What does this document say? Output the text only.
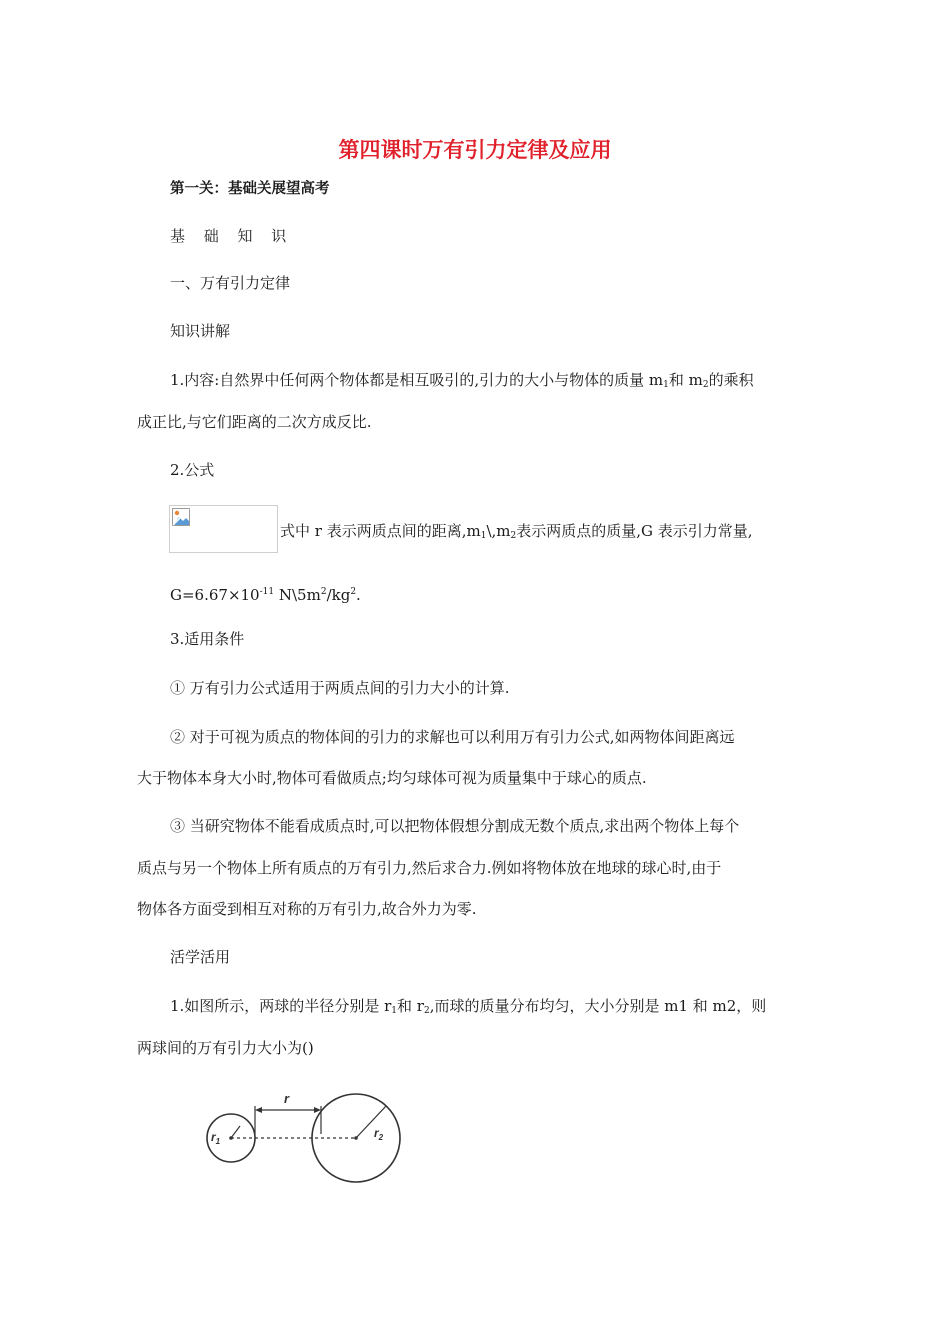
第四课时万有引力定律及应用
第一关：基础关展望高考
基 础 知 识
一、万有引力定律
知识讲解
1.内容:自然界中任何两个物体都是相互吸引的,引力的大小与物体的质量 $m_1$和 $m_2$的乘积
成正比,与它们距离的二次方成反比.
2.公式
式中 r 表示两质点间的距离$,m_1\backslash,m_2$表示两质点的质量,G 表示引力常量,
$G=6.67\times 10^{-11}$ $N\backslash 5m^2/kg^2$.
3.适用条件
① 万有引力公式适用于两质点间的引力大小的计算.
② 对于可视为质点的物体间的引力的求解也可以利用万有引力公式,如两物体间距离远
大于物体本身大小时,物体可看做质点;均匀球体可视为质量集中于球心的质点.
③ 当研究物体不能看成质点时,可以把物体假想分割成无数个质点,求出两个物体上每个
质点与另一个物体上所有质点的万有引力,然后求合力.例如将物体放在地球的球心时,由于
物体各方面受到相互对称的万有引力,故合外力为零.
活学活用
1.如图所示，两球的半径分别是 $r_1$和 $r_2$,而球的质量分布均匀，大小分别是 m1 和 m2，则
两球间的万有引力大小为()
r
$r_1$
$r_2$
